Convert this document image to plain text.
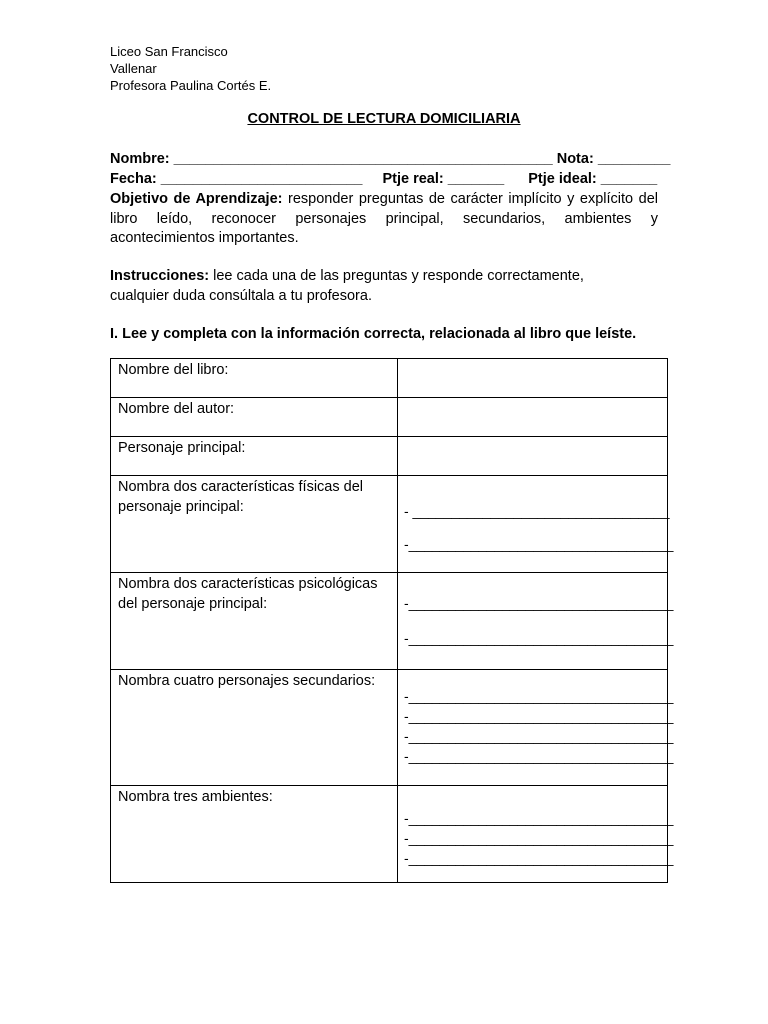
Liceo San Francisco
Vallenar
Profesora Paulina Cortés E.
CONTROL DE LECTURA DOMICILIARIA
Nombre: _______________________________________________ Nota: _________
Fecha: _________________________ Ptje real: _______ Ptje ideal: _______
Objetivo de Aprendizaje: responder preguntas de carácter implícito y explícito del libro leído, reconocer personajes principal, secundarios, ambientes y acontecimientos importantes.
Instrucciones: lee cada una de las preguntas y responde correctamente,
cualquier duda consúltala a tu profesora.
I. Lee y completa con la información correcta, relacionada al libro que leíste.
Nombre del libro:	
Nombre del autor:	
Personaje principal:	
Nombra dos características físicas del personaje principal:	- _________________________________
-__________________________________

Nombra dos características psicológicas del personaje principal:	-__________________________________
-__________________________________

Nombra cuatro personajes secundarios:	-__________________________________
-__________________________________
-__________________________________
-__________________________________

Nombra tres ambientes:	-__________________________________
-__________________________________
-__________________________________
